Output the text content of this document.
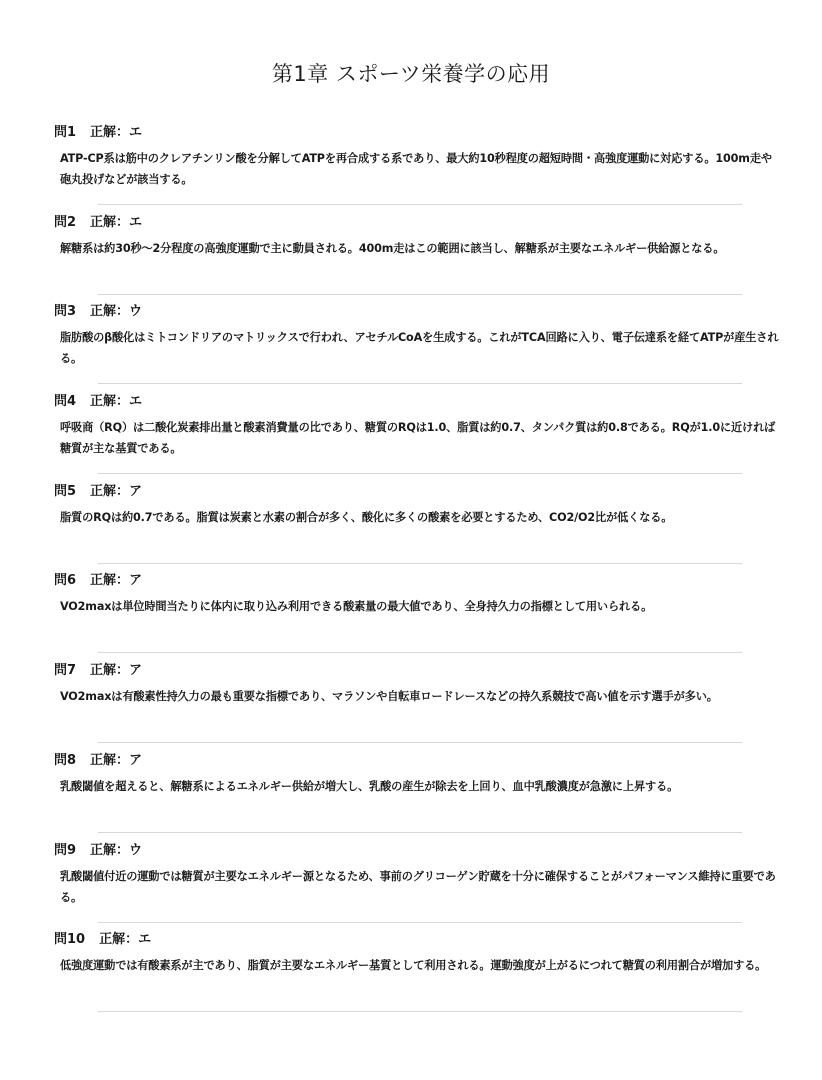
第1章 スポーツ栄養学の応用
問1 正解：エ
ATP-CP系は筋中のクレアチンリン酸を分解してATPを再合成する系であり、最大約10秒程度の超短時間・高強度運動に対応する。100m走や砲丸投げなどが該当する。
問2 正解：エ
解糖系は約30秒〜2分程度の高強度運動で主に動員される。400m走はこの範囲に該当し、解糖系が主要なエネルギー供給源となる。
問3 正解：ウ
脂肪酸のβ酸化はミトコンドリアのマトリックスで行われ、アセチルCoAを生成する。これがTCA回路に入り、電子伝達系を経てATPが産生される。
問4 正解：エ
呼吸商（RQ）は二酸化炭素排出量と酸素消費量の比であり、糖質のRQは1.0、脂質は約0.7、タンパク質は約0.8である。RQが1.0に近ければ糖質が主な基質である。
問5 正解：ア
脂質のRQは約0.7である。脂質は炭素と水素の割合が多く、酸化に多くの酸素を必要とするため、CO2/O2比が低くなる。
問6 正解：ア
VO2maxは単位時間当たりに体内に取り込み利用できる酸素量の最大値であり、全身持久力の指標として用いられる。
問7 正解：ア
VO2maxは有酸素性持久力の最も重要な指標であり、マラソンや自転車ロードレースなどの持久系競技で高い値を示す選手が多い。
問8 正解：ア
乳酸閾値を超えると、解糖系によるエネルギー供給が増大し、乳酸の産生が除去を上回り、血中乳酸濃度が急激に上昇する。
問9 正解：ウ
乳酸閾値付近の運動では糖質が主要なエネルギー源となるため、事前のグリコーゲン貯蔵を十分に確保することがパフォーマンス維持に重要である。
問10 正解：エ
低強度運動では有酸素系が主であり、脂質が主要なエネルギー基質として利用される。運動強度が上がるにつれて糖質の利用割合が増加する。
